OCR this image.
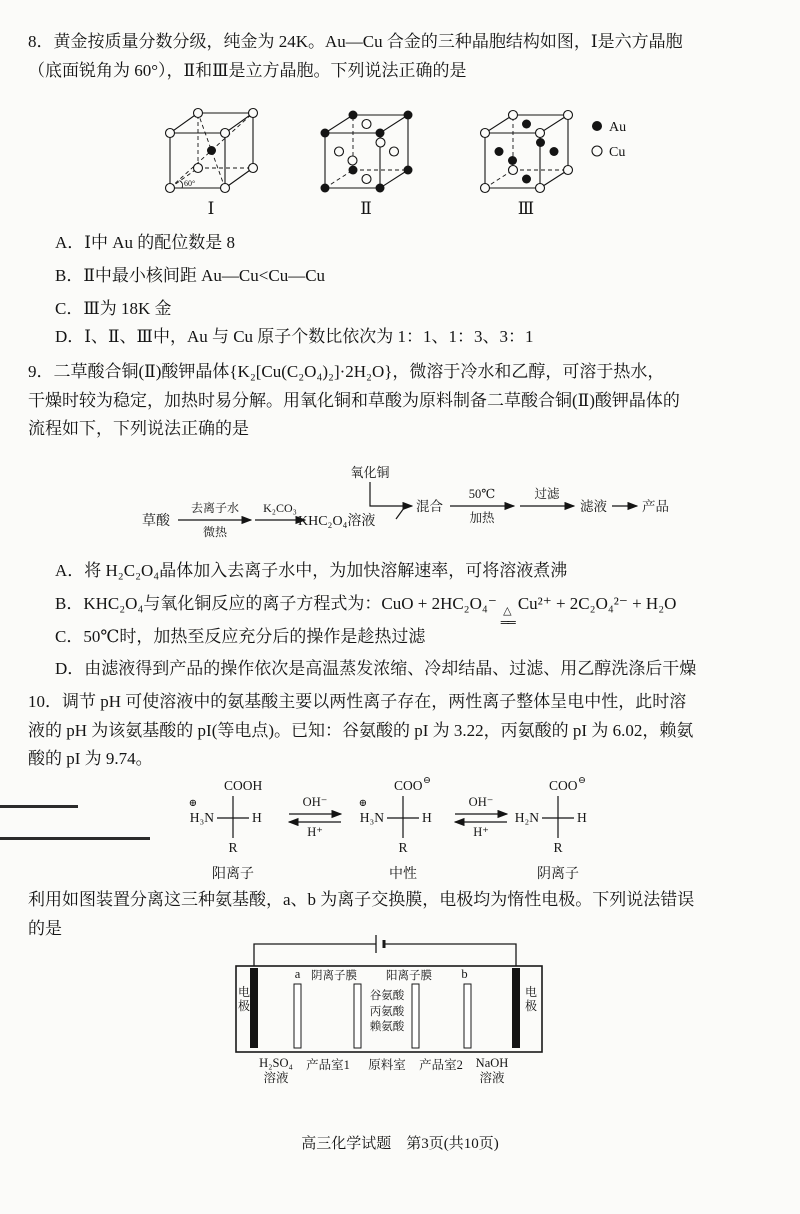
8．黄金按质量分数分级，纯金为 24K。Au—Cu 合金的三种晶胞结构如图，Ⅰ是六方晶胞
（底面锐角为 60°），Ⅱ和Ⅲ是立方晶胞。下列说法正确的是
60°
Au
Cu
Ⅰ	Ⅱ	Ⅲ
A．Ⅰ中 Au 的配位数是 8
B．Ⅱ中最小核间距 Au—Cu<Cu—Cu
C．Ⅲ为 18K 金
D．Ⅰ、Ⅱ、Ⅲ中，Au 与 Cu 原子个数比依次为 1：1、1：3、3：1
9．二草酸合铜(Ⅱ)酸钾晶体{K₂[Cu(C₂O₄)₂]·2H₂O}，微溶于冷水和乙醇，可溶于热水，
干燥时较为稳定，加热时易分解。用氧化铜和草酸为原料制备二草酸合铜(Ⅱ)酸钾晶体的
流程如下，下列说法正确的是
草酸
去离子水
微热
K₂CO₃
KHC₂O₄溶液
氧化铜
混合
50℃
加热
过滤
滤液	产品
A．将 H₂C₂O₄晶体加入去离子水中，为加快溶解速率，可将溶液煮沸
B．KHC₂O₄与氧化铜反应的离子方程式为：CuO + 2HC₂O₄⁻ △
══
Cu²⁺ + 2C₂O₄²⁻ + H₂O
C．50℃时，加热至反应充分后的操作是趁热过滤
D．由滤液得到产品的操作依次是高温蒸发浓缩、冷却结晶、过滤、用乙醇洗涤后干燥
10．调节 pH 可使溶液中的氨基酸主要以两性离子存在，两性离子整体呈电中性，此时溶
液的 pH 为该氨基酸的 pI(等电点)。已知：谷氨酸的 pI 为 3.22，丙氨酸的 pI 为 6.02，赖氨
酸的 pI 为 9.74。
COOH
⊕
H₃N	H
R
阳离子
OH⁻
H⁺
COO ⊖
⊕
H₃N	H
R
中性
OH⁻
H⁺
COO ⊖
H₂N	H
R
阴离子
利用如图装置分离这三种氨基酸，a、b 为离子交换膜，电极均为惰性电极。下列说法错误
的是
电极
电极
a 阴离子膜	阳离子膜	b
谷氨酸
丙氨酸
赖氨酸
H₂SO₄
溶液
产品室1	原料室	产品室2	NaOH
溶液
高三化学试题　第3页(共10页)
